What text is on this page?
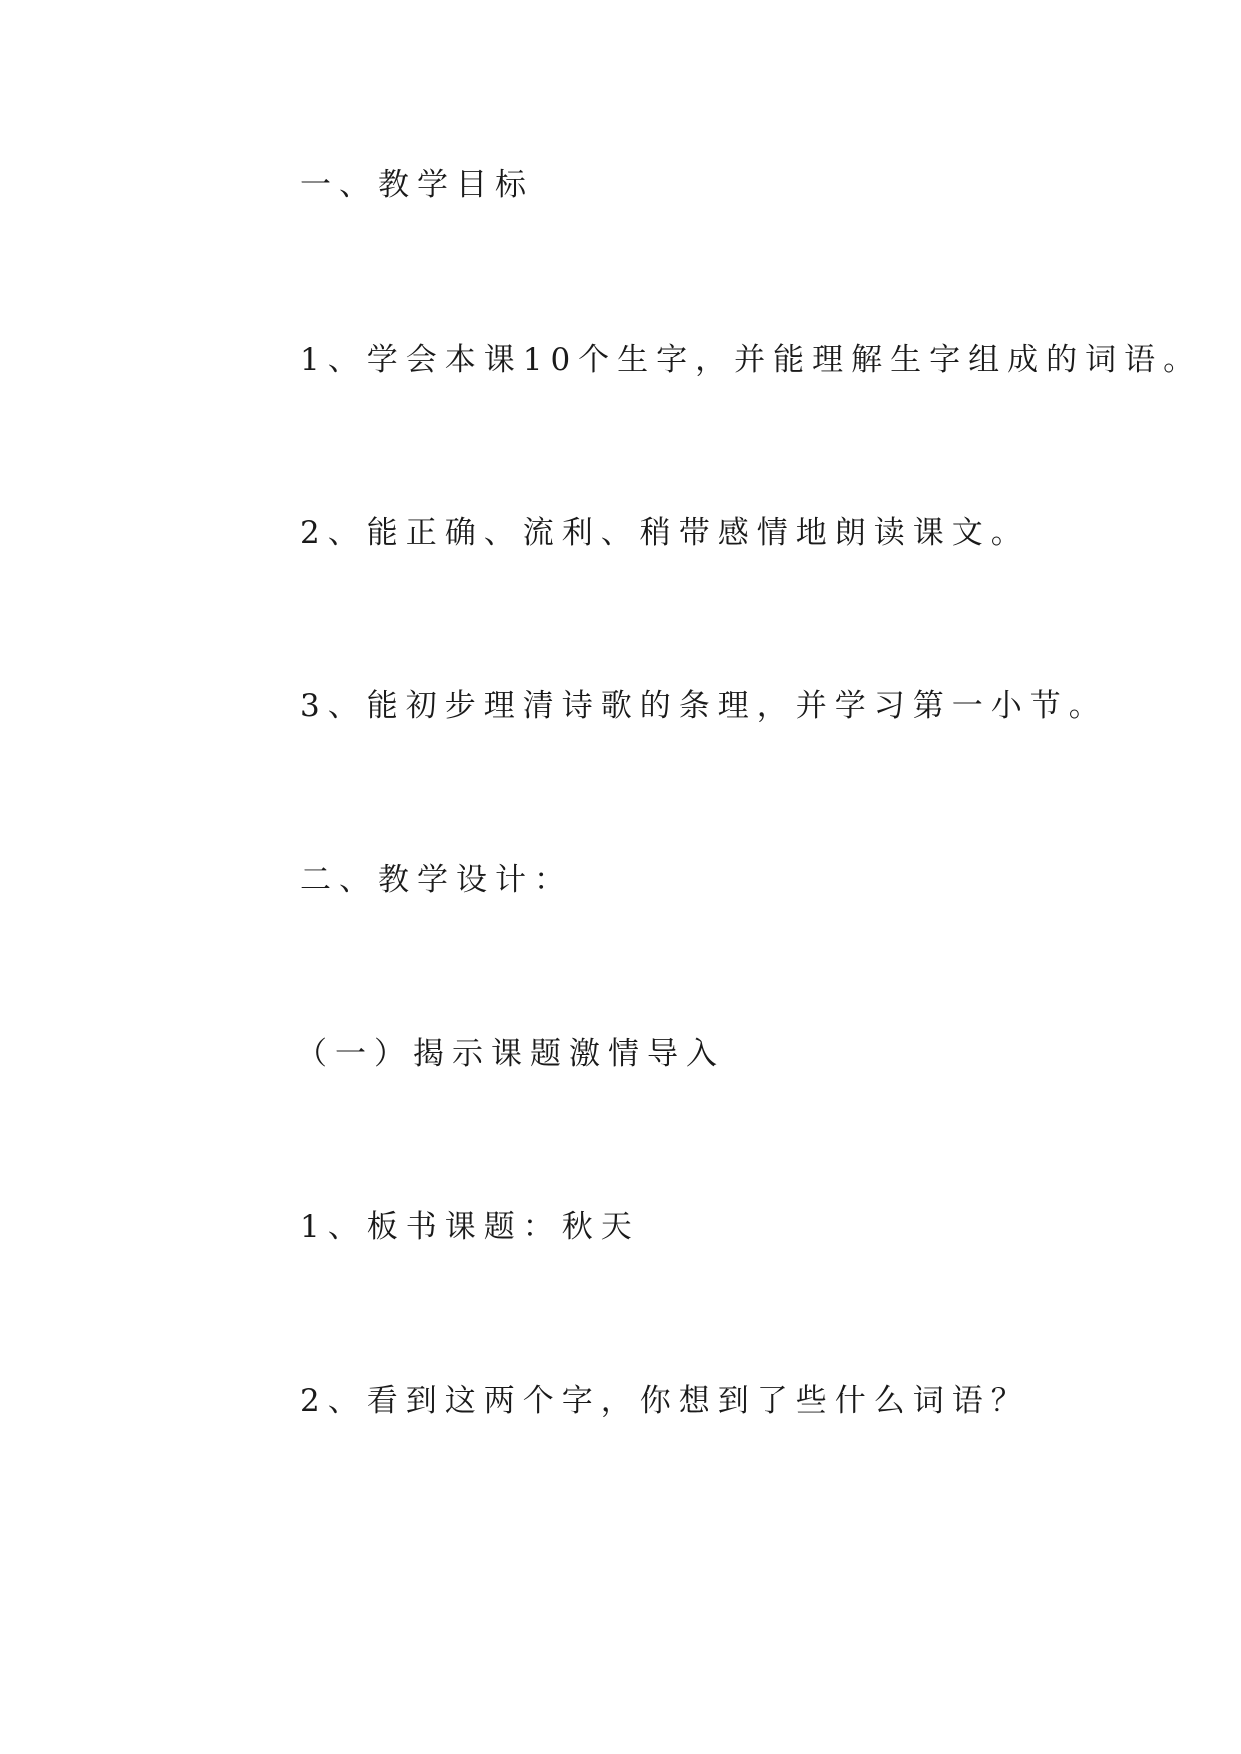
一、教学目标

1、学会本课10个生字，并能理解生字组成的词语。

2、能正确、流利、稍带感情地朗读课文。

3、能初步理清诗歌的条理，并学习第一小节。

二、教学设计：

（一）揭示课题激情导入

1、板书课题：秋天

2、看到这两个字，你想到了些什么词语？
